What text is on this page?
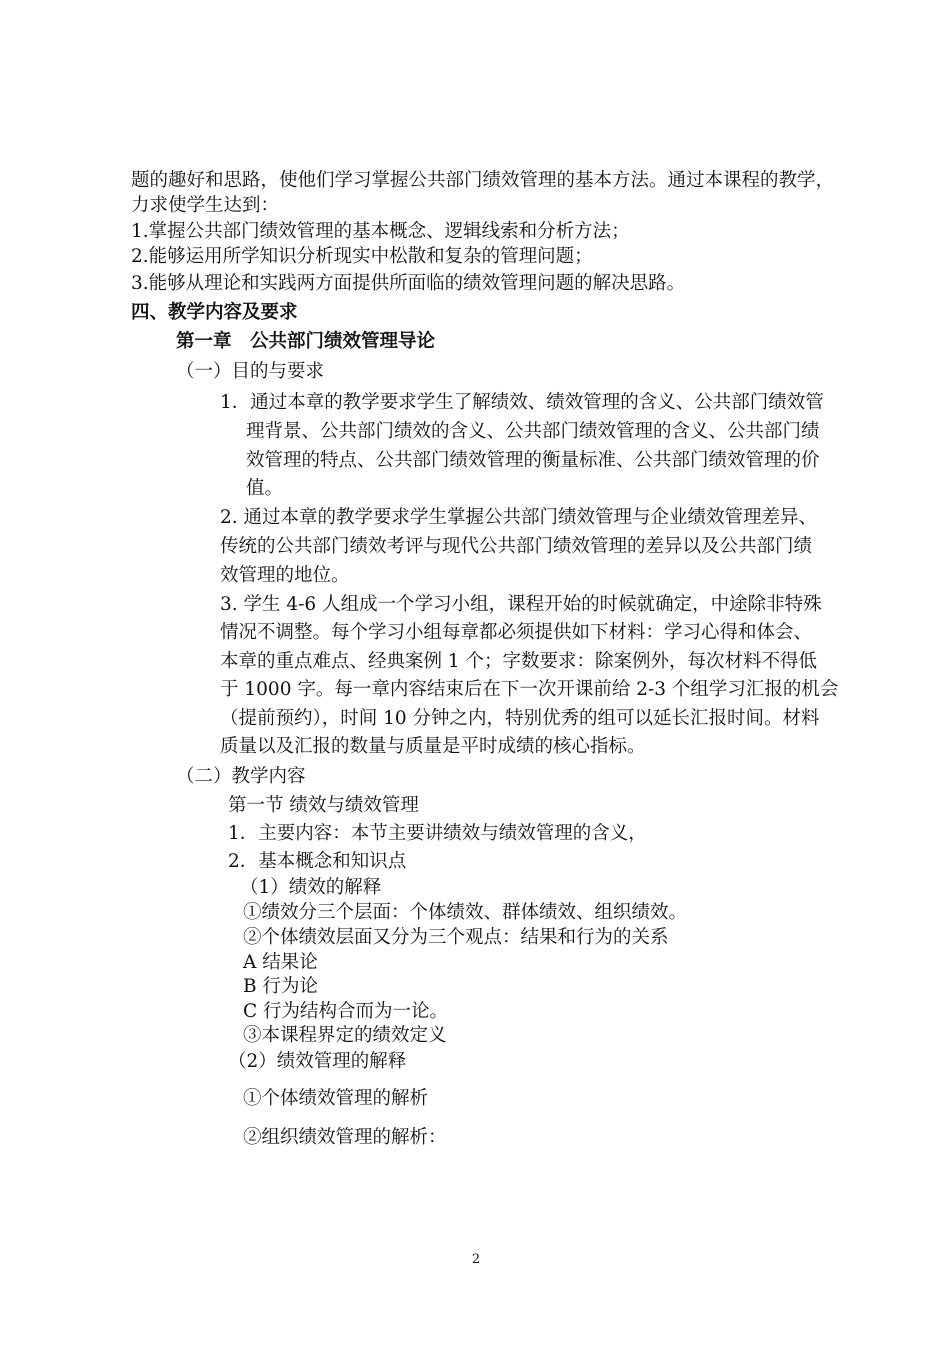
题的趣好和思路，使他们学习掌握公共部门绩效管理的基本方法。通过本课程的教学，
力求使学生达到：
1.掌握公共部门绩效管理的基本概念、逻辑线索和分析方法；
2.能够运用所学知识分析现实中松散和复杂的管理问题；
3.能够从理论和实践两方面提供所面临的绩效管理问题的解决思路。
四、教学内容及要求
第一章　公共部门绩效管理导论
（一）目的与要求
1．通过本章的教学要求学生了解绩效、绩效管理的含义、公共部门绩效管
理背景、公共部门绩效的含义、公共部门绩效管理的含义、公共部门绩
效管理的特点、公共部门绩效管理的衡量标准、公共部门绩效管理的价
值。
2. 通过本章的教学要求学生掌握公共部门绩效管理与企业绩效管理差异、
传统的公共部门绩效考评与现代公共部门绩效管理的差异以及公共部门绩
效管理的地位。
3. 学生 4-6 人组成一个学习小组，课程开始的时候就确定，中途除非特殊
情况不调整。每个学习小组每章都必须提供如下材料：学习心得和体会、
本章的重点难点、经典案例 1 个；字数要求：除案例外，每次材料不得低
于 1000 字。每一章内容结束后在下一次开课前给 2-3 个组学习汇报的机会
（提前预约），时间 10 分钟之内，特别优秀的组可以延长汇报时间。材料
质量以及汇报的数量与质量是平时成绩的核心指标。
（二）教学内容
第一节 绩效与绩效管理
1．主要内容：本节主要讲绩效与绩效管理的含义，
2．基本概念和知识点
（1）绩效的解释
①绩效分三个层面：个体绩效、群体绩效、组织绩效。
②个体绩效层面又分为三个观点：结果和行为的关系
A 结果论
B 行为论
C 行为结构合而为一论。
③本课程界定的绩效定义
（2）绩效管理的解释
①个体绩效管理的解析
②组织绩效管理的解析：
2
